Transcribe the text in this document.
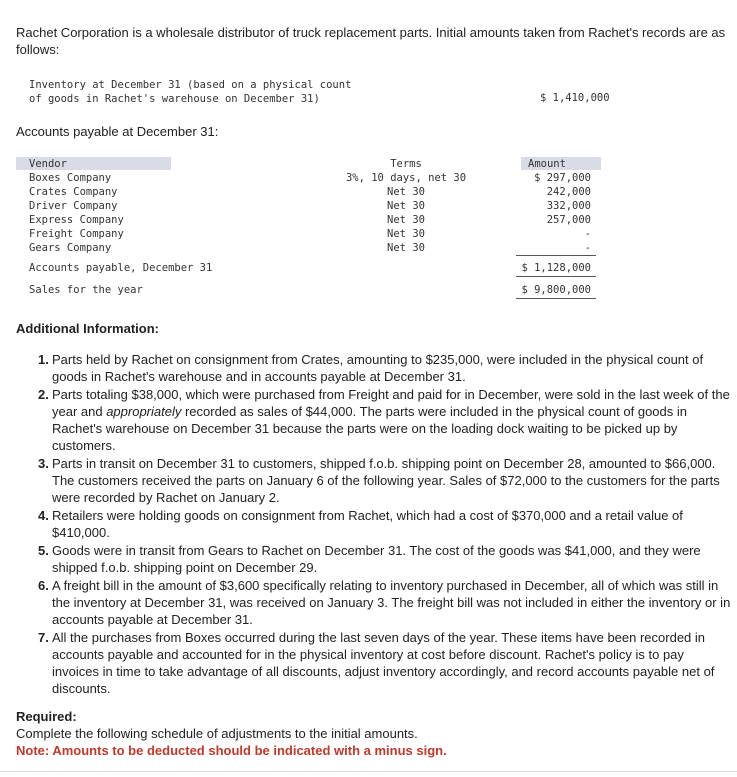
Rachet Corporation is a wholesale distributor of truck replacement parts. Initial amounts taken from Rachet's records are as follows:
Inventory at December 31 (based on a physical count
of goods in Rachet's warehouse on December 31)	$ 1,410,000
Accounts payable at December 31:
Vendor	Terms	Amount
Boxes Company	3%, 10 days, net 30	$ 297,000
Crates Company	Net 30	242,000
Driver Company	Net 30	332,000
Express Company	Net 30	257,000
Freight Company	Net 30	-
Gears Company	Net 30	-
Accounts payable, December 31	$ 1,128,000
Sales for the year	$ 9,800,000
Additional Information:
1. Parts held by Rachet on consignment from Crates, amounting to $235,000, were included in the physical count of goods in Rachet's warehouse and in accounts payable at December 31.
2. Parts totaling $38,000, which were purchased from Freight and paid for in December, were sold in the last week of the year and appropriately recorded as sales of $44,000. The parts were included in the physical count of goods in Rachet's warehouse on December 31 because the parts were on the loading dock waiting to be picked up by customers.
3. Parts in transit on December 31 to customers, shipped f.o.b. shipping point on December 28, amounted to $66,000. The customers received the parts on January 6 of the following year. Sales of $72,000 to the customers for the parts were recorded by Rachet on January 2.
4. Retailers were holding goods on consignment from Rachet, which had a cost of $370,000 and a retail value of $410,000.
5. Goods were in transit from Gears to Rachet on December 31. The cost of the goods was $41,000, and they were shipped f.o.b. shipping point on December 29.
6. A freight bill in the amount of $3,600 specifically relating to inventory purchased in December, all of which was still in the inventory at December 31, was received on January 3. The freight bill was not included in either the inventory or in accounts payable at December 31.
7. All the purchases from Boxes occurred during the last seven days of the year. These items have been recorded in accounts payable and accounted for in the physical inventory at cost before discount. Rachet's policy is to pay invoices in time to take advantage of all discounts, adjust inventory accordingly, and record accounts payable net of discounts.
Required:
Complete the following schedule of adjustments to the initial amounts.
Note: Amounts to be deducted should be indicated with a minus sign.
